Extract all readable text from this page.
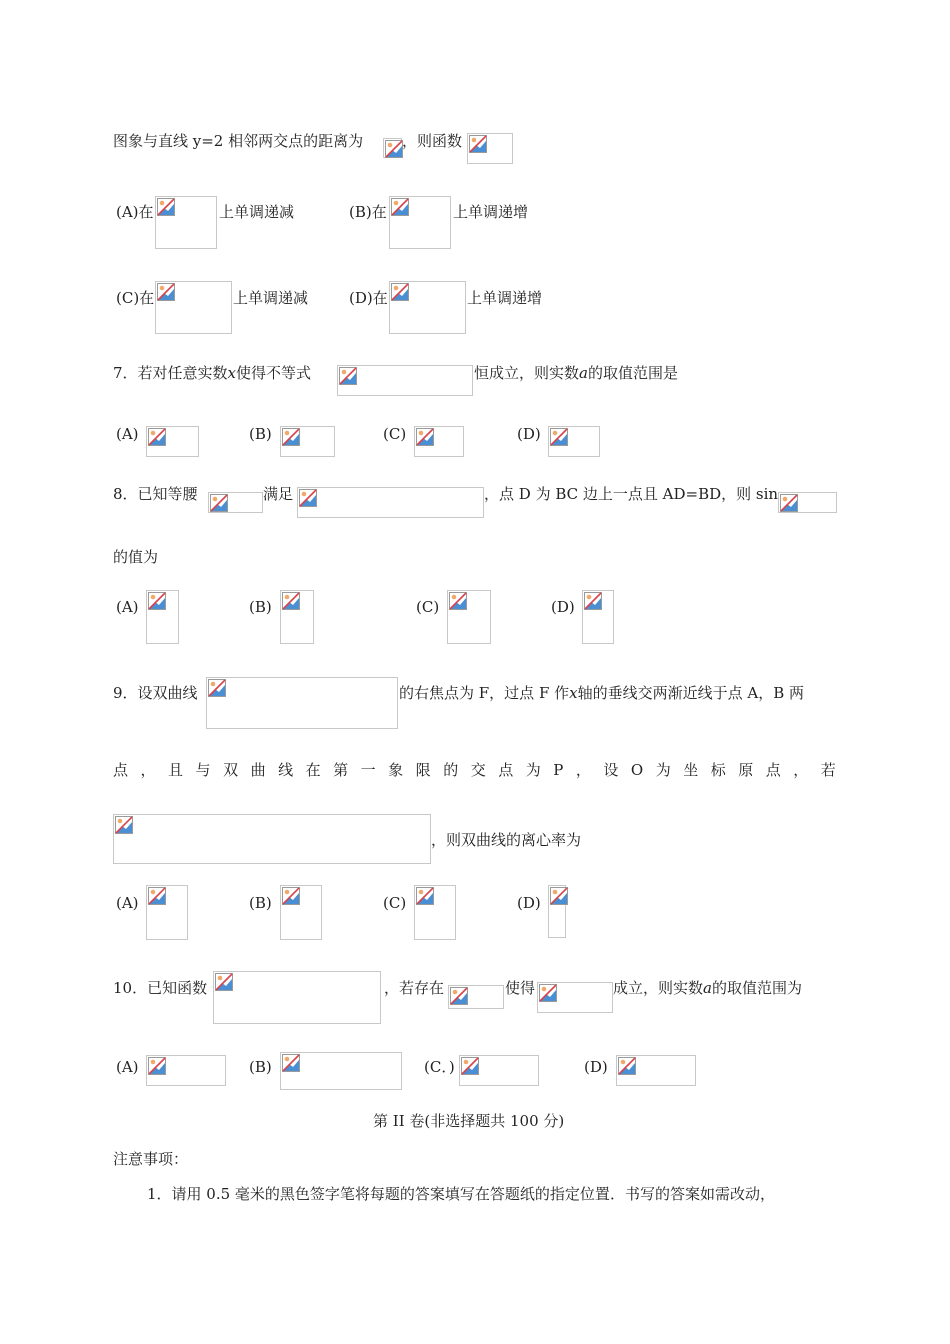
图象与直线 y=2 相邻两交点的距离为	，则函数
(A)在	上单调递减	(B)在	上单调递增
(C)在	上单调递减	(D)在	上单调递增
7．若对任意实数x使得不等式	恒成立，则实数a的取值范围是
(A)	(B)	(C)	(D)
8．已知等腰	满足	，点 D 为 BC 边上一点且 AD=BD，则 sin
的值为
(A)	(B)	(C)	(D)
9．设双曲线	的右焦点为 F，过点 F 作x轴的垂线交两渐近线于点 A，B 两
点 ， 且 与 双 曲 线 在 第 一 象 限 的 交 点 为 P ， 设 O 为 坐 标 原 点 ， 若
，则双曲线的离心率为
(A)	(B)	(C)	(D)
10．已知函数	，若存在	使得	成立，则实数a的取值范围为
(A)	(B)	(C．)	(D)
第 II 卷(非选择题共 100 分)
注意事项：
1．请用 0.5 毫米的黑色签字笔将每题的答案填写在答题纸的指定位置．书写的答案如需改动，
